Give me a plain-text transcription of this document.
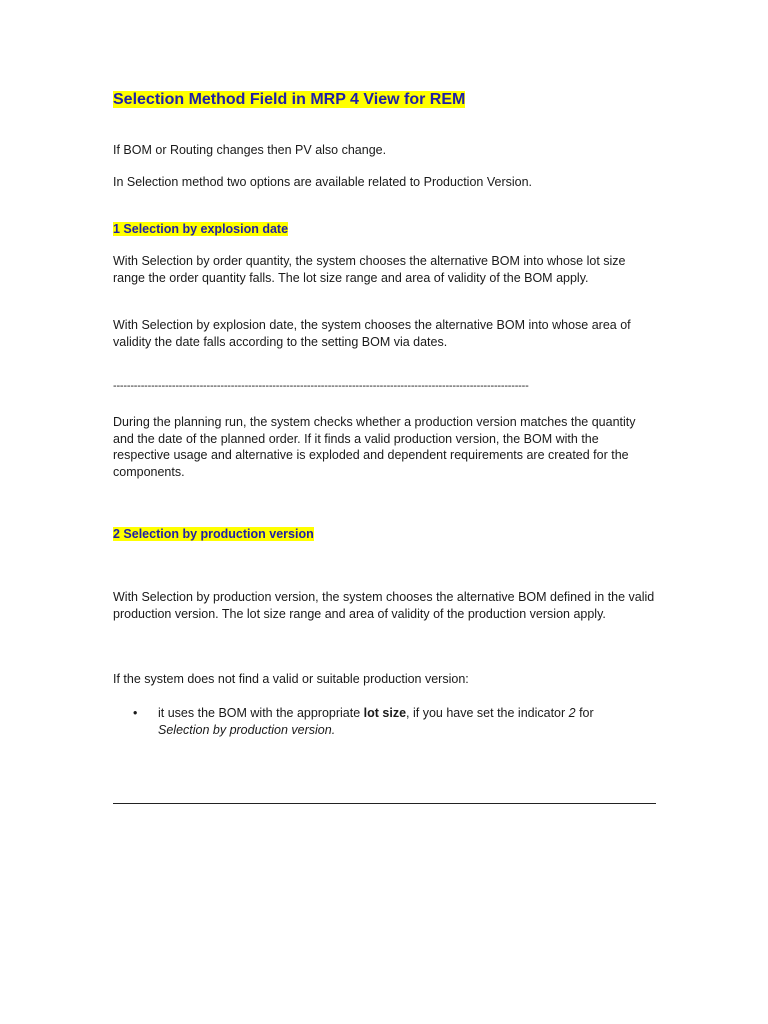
Selection Method Field in MRP 4 View for REM

If BOM or Routing changes then PV also change.

In Selection method two options are available related to Production Version.

1 Selection by explosion date

With Selection by order quantity, the system chooses the alternative BOM into whose lot size range the order quantity falls. The lot size range and area of validity of the BOM apply.

With Selection by explosion date, the system chooses the alternative BOM into whose area of validity the date falls according to the setting BOM via dates.

------------------------------------------------------------------------------------------------------------------------

During the planning run, the system checks whether a production version matches the quantity and the date of the planned order. If it finds a valid production version, the BOM with the respective usage and alternative is exploded and dependent requirements are created for the components.

2 Selection by production version

With Selection by production version, the system chooses the alternative BOM defined in the valid production version. The lot size range and area of validity of the production version apply.

If the system does not find a valid or suitable production version:

• it uses the BOM with the appropriate lot size, if you have set the indicator 2 for
Selection by production version.
